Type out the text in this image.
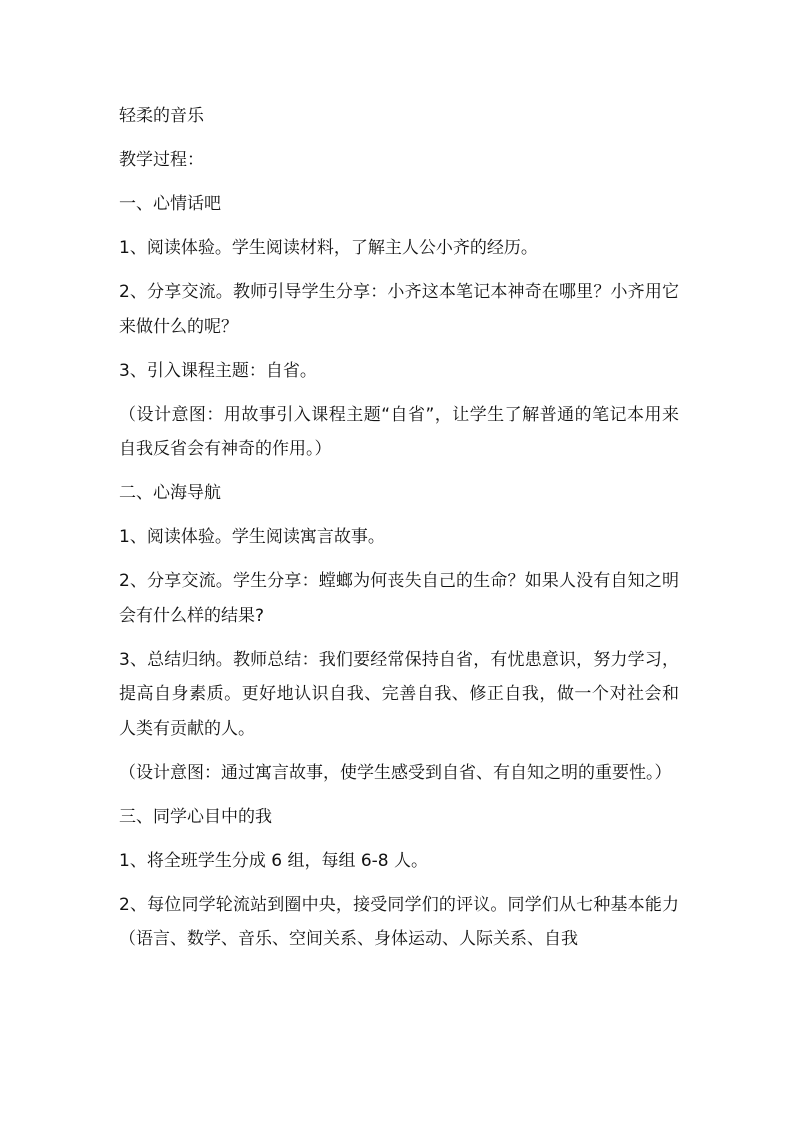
轻柔的音乐

教学过程：

一、心情话吧

1、阅读体验。学生阅读材料，了解主人公小齐的经历。

2、分享交流。教师引导学生分享：小齐这本笔记本神奇在哪里？小齐用它来做什么的呢？

3、引入课程主题：自省。

（设计意图：用故事引入课程主题“自省”，让学生了解普通的笔记本用来自我反省会有神奇的作用。）

二、心海导航

1、阅读体验。学生阅读寓言故事。

2、分享交流。学生分享：螳螂为何丧失自己的生命？如果人没有自知之明会有什么样的结果?

3、总结归纳。教师总结：我们要经常保持自省，有忧患意识，努力学习，提高自身素质。更好地认识自我、完善自我、修正自我，做一个对社会和人类有贡献的人。

（设计意图：通过寓言故事，使学生感受到自省、有自知之明的重要性。）

三、同学心目中的我

1、将全班学生分成 6 组，每组 6-8 人。

2、每位同学轮流站到圈中央，接受同学们的评议。同学们从七种基本能力（语言、数学、音乐、空间关系、身体运动、人际关系、自我
